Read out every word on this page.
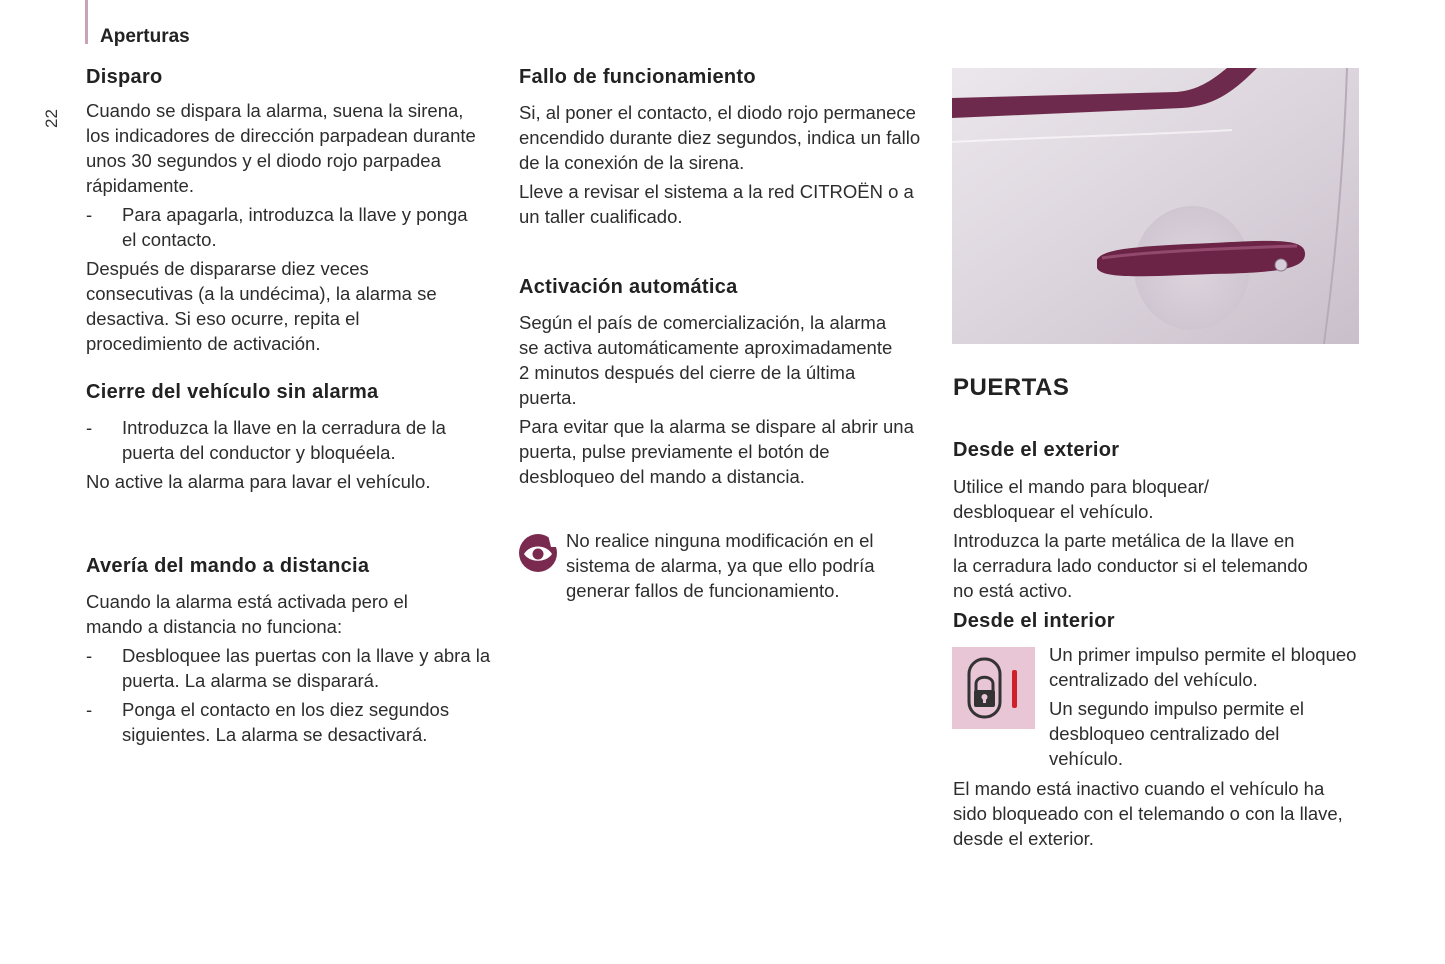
Aperturas
22

Disparo

Cuando se dispara la alarma, suena la sirena, los indicadores de dirección parpadean durante unos 30 segundos y el diodo rojo parpadea rápidamente.

- Para apagarla, introduzca la llave y ponga el contacto.

Después de dispararse diez veces consecutivas (a la undécima), la alarma se desactiva. Si eso ocurre, repita el procedimiento de activación.

Cierre del vehículo sin alarma

- Introduzca la llave en la cerradura de la puerta del conductor y bloquéela.

No active la alarma para lavar el vehículo.

Avería del mando a distancia

Cuando la alarma está activada pero el mando a distancia no funciona:

- Desbloquee las puertas con la llave y abra la puerta. La alarma se disparará.

- Ponga el contacto en los diez segundos siguientes. La alarma se desactivará.

Fallo de funcionamiento

Si, al poner el contacto, el diodo rojo permanece encendido durante diez segundos, indica un fallo de la conexión de la sirena.

Lleve a revisar el sistema a la red CITROËN o a un taller cualificado.

Activación automática

Según el país de comercialización, la alarma se activa automáticamente aproximadamente 2 minutos después del cierre de la última puerta.

Para evitar que la alarma se dispare al abrir una puerta, pulse previamente el botón de desbloqueo del mando a distancia.

No realice ninguna modificación en el sistema de alarma, ya que ello podría generar fallos de funcionamiento.
PUERTAS

Desde el exterior

Utilice el mando para bloquear/ desbloquear el vehículo.

Introduzca la parte metálica de la llave en la cerradura lado conductor si el telemando no está activo.

Desde el interior

Un primer impulso permite el bloqueo centralizado del vehículo.

Un segundo impulso permite el desbloqueo centralizado del vehículo.

El mando está inactivo cuando el vehículo ha sido bloqueado con el telemando o con la llave, desde el exterior.
